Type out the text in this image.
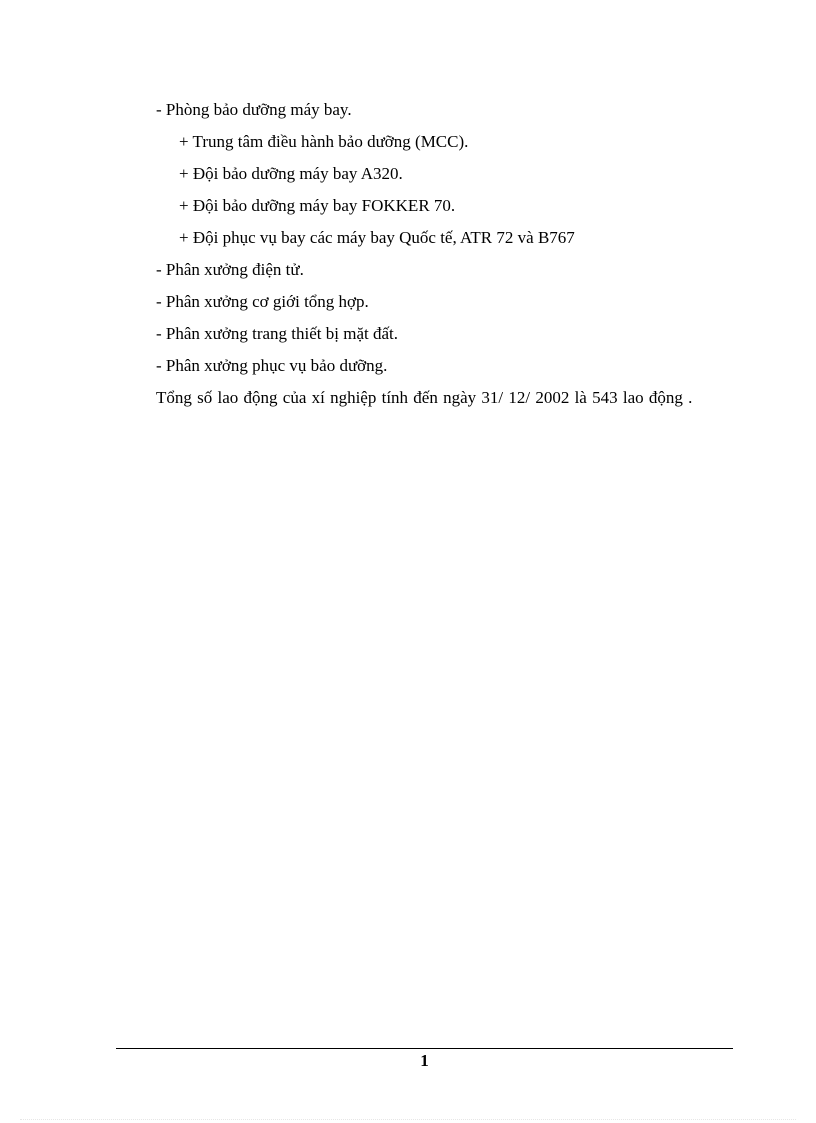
- Phòng bảo dưỡng máy bay.
+ Trung tâm điều hành bảo dưỡng (MCC).
+ Đội bảo dưỡng máy bay A320.
+ Đội bảo dưỡng máy bay FOKKER 70.
+ Đội phục vụ bay các máy bay Quốc tế, ATR 72 và B767
- Phân xưởng điện tử.
- Phân xưởng cơ giới tổng hợp.
- Phân xưởng trang thiết bị mặt đất.
- Phân xưởng phục vụ bảo dưỡng.

Tổng số lao động của xí nghiệp tính đến ngày 31/ 12/ 2002 là 543 lao động .

1
